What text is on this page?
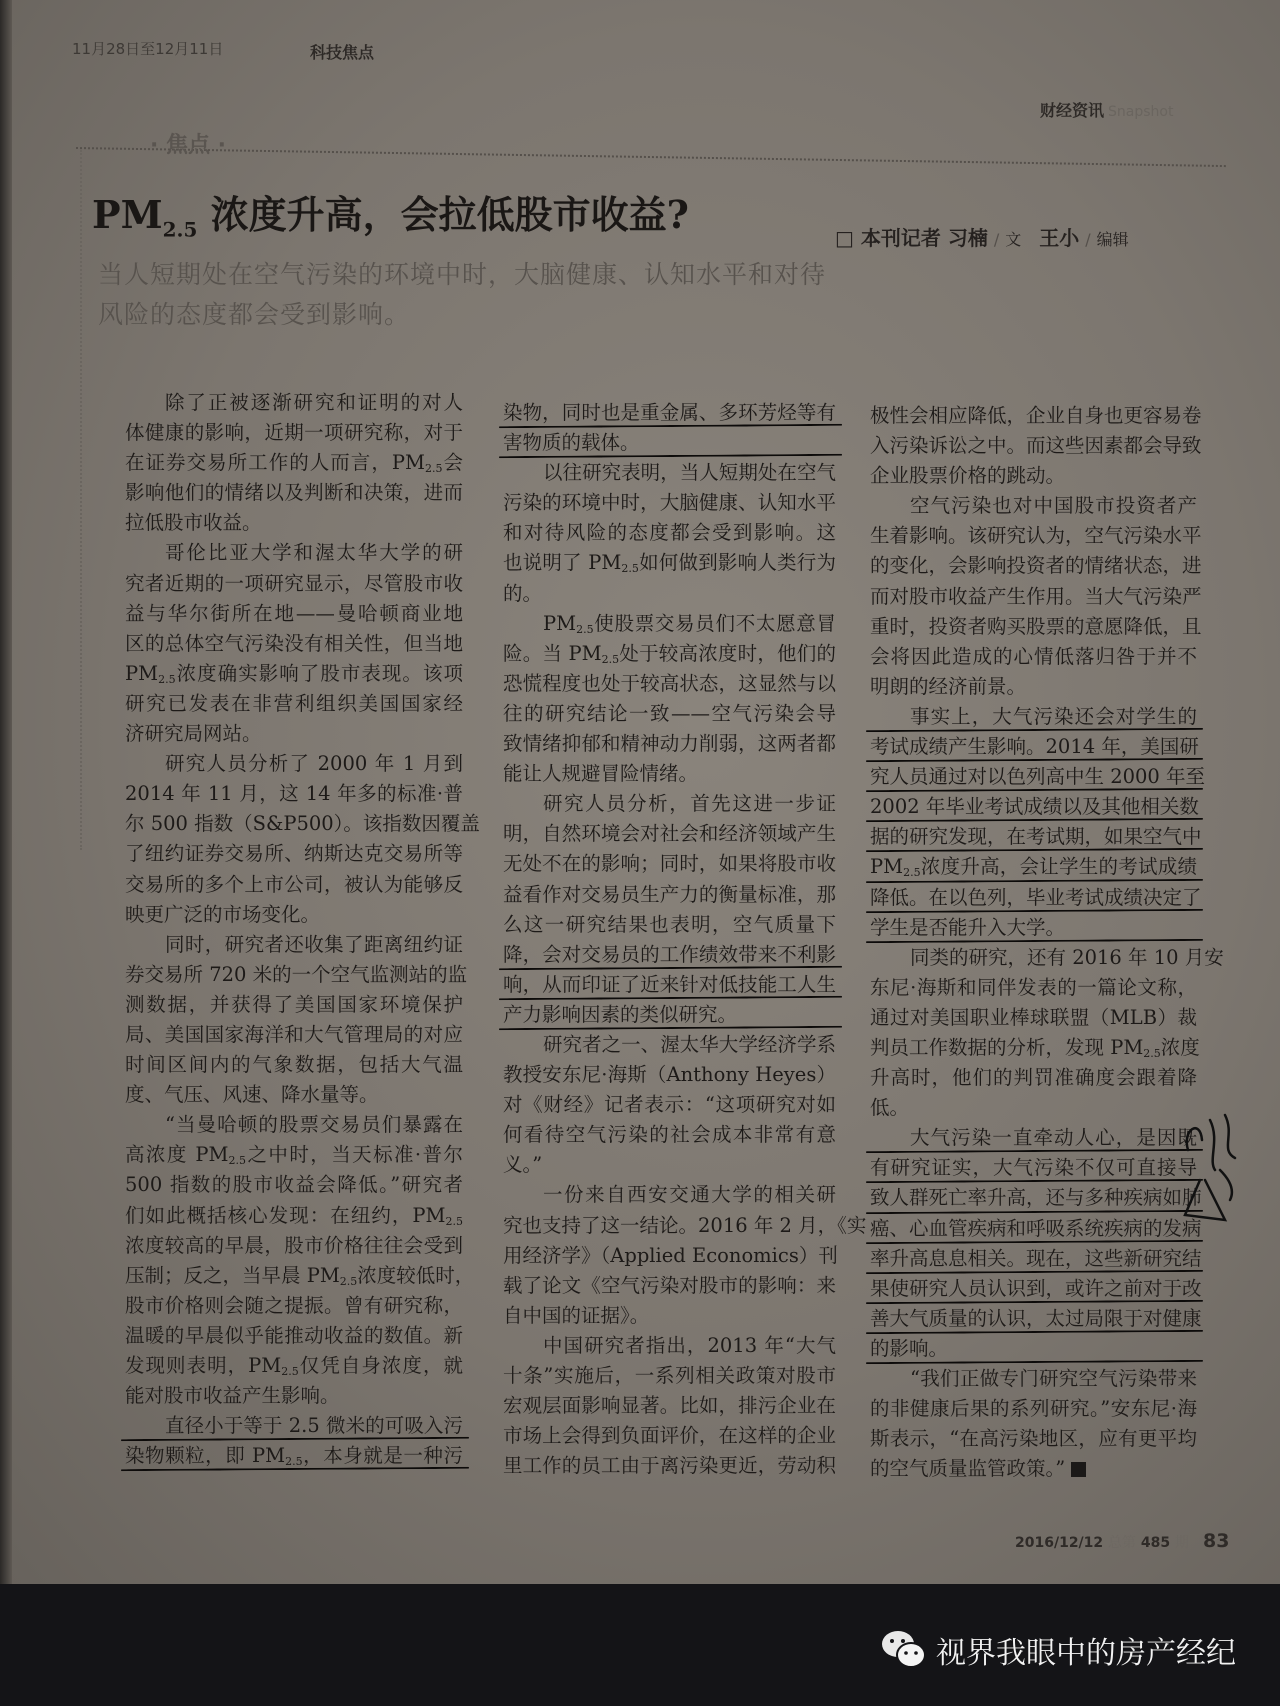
11月28日至12月11日	科技焦点
财经资讯 Snapshot
· 焦点 ·
$PM_{2.5}$ 浓度升高，会拉低股市收益?
□ 本刊记者 习楠 / 文 王小 / 编辑
当人短期处在空气污染的环境中时，大脑健康、认知水平和对待
风险的态度都会受到影响。
除了正被逐渐研究和证明的对人
体健康的影响，近期一项研究称，对于
在证券交易所工作的人而言，$PM_{2.5}$会
影响他们的情绪以及判断和决策，进而
拉低股市收益。
哥伦比亚大学和渥太华大学的研
究者近期的一项研究显示，尽管股市收
益与华尔街所在地——曼哈顿商业地
区的总体空气污染没有相关性，但当地
$PM_{2.5}$浓度确实影响了股市表现。该项
研究已发表在非营利组织美国国家经
济研究局网站。
研究人员分析了 2000 年 1 月到
2014 年 11 月，这 14 年多的标准·普
尔 500 指数（S&P500）。该指数因覆盖
了纽约证券交易所、纳斯达克交易所等
交易所的多个上市公司，被认为能够反
映更广泛的市场变化。
同时，研究者还收集了距离纽约证
券交易所 720 米的一个空气监测站的监
测数据，并获得了美国国家环境保护
局、美国国家海洋和大气管理局的对应
时间区间内的气象数据，包括大气温
度、气压、风速、降水量等。
“当曼哈顿的股票交易员们暴露在
高浓度 $PM_{2.5}$之中时，当天标准·普尔
500 指数的股市收益会降低。”研究者
们如此概括核心发现：在纽约，$PM_{2.5}$
浓度较高的早晨，股市价格往往会受到
压制；反之，当早晨 $PM_{2.5}$浓度较低时，
股市价格则会随之提振。曾有研究称，
温暖的早晨似乎能推动收益的数值。新
发现则表明，$PM_{2.5}$仅凭自身浓度，就
能对股市收益产生影响。
直径小于等于 2.5 微米的可吸入污
染物颗粒，即 $PM_{2.5}$，本身就是一种污
染物，同时也是重金属、多环芳烃等有
害物质的载体。
以往研究表明，当人短期处在空气
污染的环境中时，大脑健康、认知水平
和对待风险的态度都会受到影响。这
也说明了 $PM_{2.5}$如何做到影响人类行为
的。
$PM_{2.5}$使股票交易员们不太愿意冒
险。当 $PM_{2.5}$处于较高浓度时，他们的
恐慌程度也处于较高状态，这显然与以
往的研究结论一致——空气污染会导
致情绪抑郁和精神动力削弱，这两者都
能让人规避冒险情绪。
研究人员分析，首先这进一步证
明，自然环境会对社会和经济领域产生
无处不在的影响；同时，如果将股市收
益看作对交易员生产力的衡量标准，那
么这一研究结果也表明，空气质量下
降，会对交易员的工作绩效带来不利影
响，从而印证了近来针对低技能工人生
产力影响因素的类似研究。
研究者之一、渥太华大学经济学系
教授安东尼·海斯（Anthony Heyes）
对《财经》记者表示：“这项研究对如
何看待空气污染的社会成本非常有意
义。”
一份来自西安交通大学的相关研
究也支持了这一结论。2016 年 2 月，《实
用经济学》（Applied Economics）刊
载了论文《空气污染对股市的影响：来
自中国的证据》。
中国研究者指出，2013 年“大气
十条”实施后，一系列相关政策对股市
宏观层面影响显著。比如，排污企业在
市场上会得到负面评价，在这样的企业
里工作的员工由于离污染更近，劳动积
极性会相应降低，企业自身也更容易卷
入污染诉讼之中。而这些因素都会导致
企业股票价格的跳动。
空气污染也对中国股市投资者产
生着影响。该研究认为，空气污染水平
的变化，会影响投资者的情绪状态，进
而对股市收益产生作用。当大气污染严
重时，投资者购买股票的意愿降低，且
会将因此造成的心情低落归咎于并不
明朗的经济前景。
事实上，大气污染还会对学生的
考试成绩产生影响。2014 年，美国研
究人员通过对以色列高中生 2000 年至
2002 年毕业考试成绩以及其他相关数
据的研究发现，在考试期，如果空气中
$PM_{2.5}$浓度升高，会让学生的考试成绩
降低。在以色列，毕业考试成绩决定了
学生是否能升入大学。
同类的研究，还有 2016 年 10 月安
东尼·海斯和同伴发表的一篇论文称，
通过对美国职业棒球联盟（MLB）裁
判员工作数据的分析，发现 $PM_{2.5}$浓度
升高时，他们的判罚准确度会跟着降
低。
大气污染一直牵动人心，是因既
有研究证实，大气污染不仅可直接导
致人群死亡率升高，还与多种疾病如肺
癌、心血管疾病和呼吸系统疾病的发病
率升高息息相关。现在，这些新研究结
果使研究人员认识到，或许之前对于改
善大气质量的认识，太过局限于对健康
的影响。
“我们正做专门研究空气污染带来
的非健康后果的系列研究。”安东尼·海
斯表示，“在高污染地区，应有更平均
的空气质量监管政策。”
2016/12/12 总第 485 期 83
视界我眼中的房产经纪
